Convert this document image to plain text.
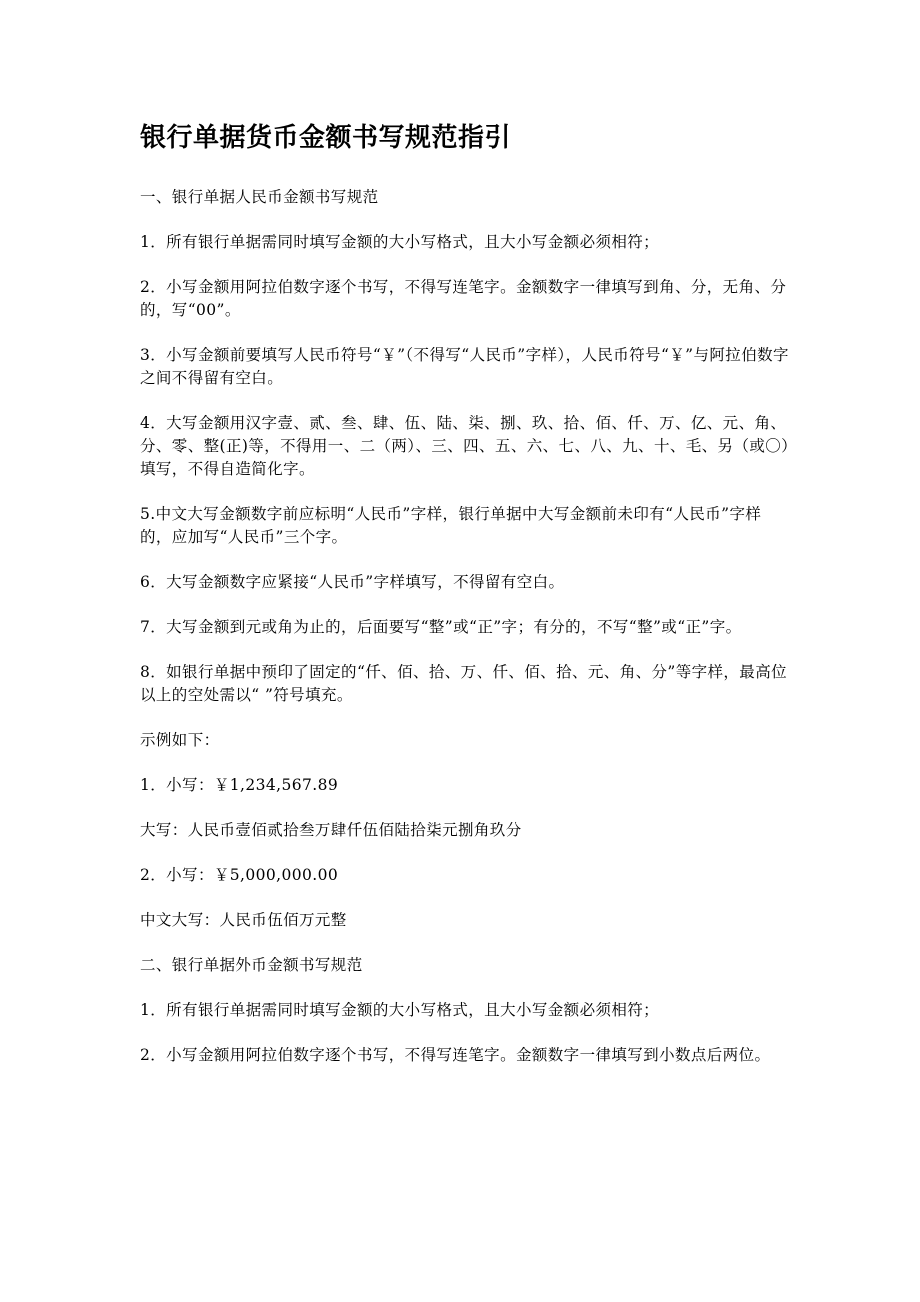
银行单据货币金额书写规范指引

一、银行单据人民币金额书写规范

1．所有银行单据需同时填写金额的大小写格式，且大小写金额必须相符；

2．小写金额用阿拉伯数字逐个书写，不得写连笔字。金额数字一律填写到角、分，无角、分的，写“00”。

3．小写金额前要填写人民币符号“￥”（不得写“人民币”字样），人民币符号“￥”与阿拉伯数字之间不得留有空白。

4．大写金额用汉字壹、贰、叁、肆、伍、陆、柒、捌、玖、拾、佰、仟、万、亿、元、角、分、零、整(正)等，不得用一、二（两）、三、四、五、六、七、八、九、十、毛、另（或〇）填写，不得自造简化字。

5.中文大写金额数字前应标明“人民币”字样，银行单据中大写金额前未印有“人民币”字样的，应加写“人民币”三个字。

6．大写金额数字应紧接“人民币”字样填写，不得留有空白。

7．大写金额到元或角为止的，后面要写“整”或“正”字；有分的，不写“整”或“正”字。

8．如银行单据中预印了固定的“仟、佰、拾、万、仟、佰、拾、元、角、分”等字样，最高位以上的空处需以“ ”符号填充。

示例如下：

1．小写：￥1,234,567.89

大写：人民币壹佰贰拾叁万肆仟伍佰陆拾柒元捌角玖分

2．小写：￥5,000,000.00

中文大写：人民币伍佰万元整

二、银行单据外币金额书写规范

1．所有银行单据需同时填写金额的大小写格式，且大小写金额必须相符；

2．小写金额用阿拉伯数字逐个书写，不得写连笔字。金额数字一律填写到小数点后两位。
